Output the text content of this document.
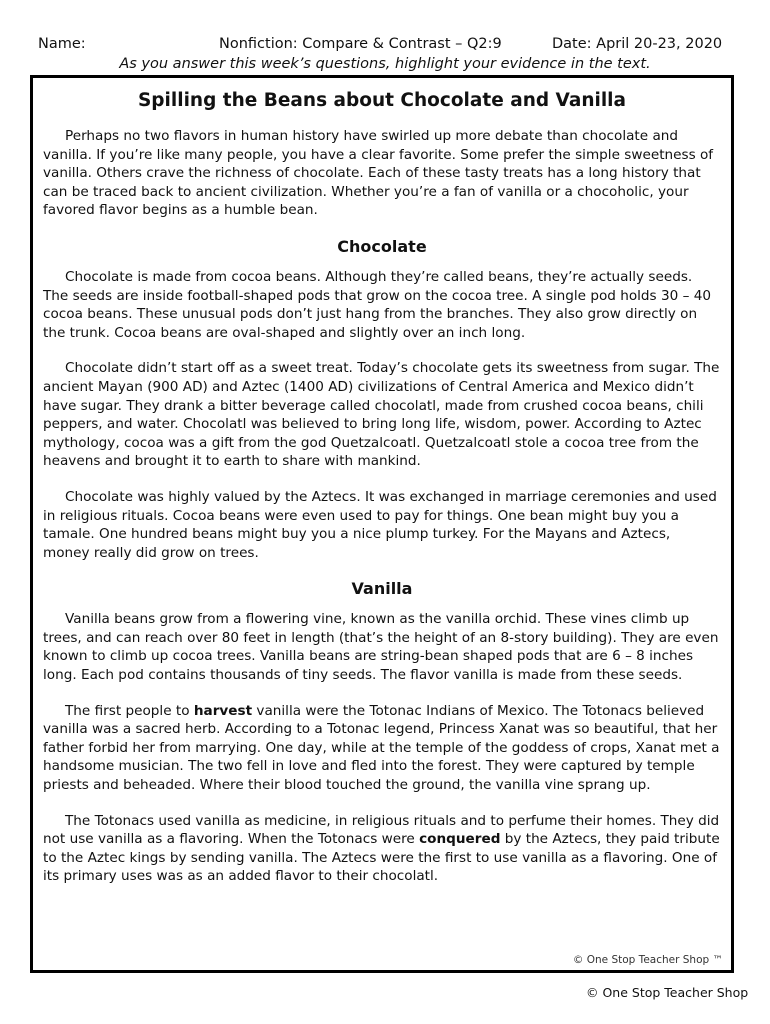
Name:	Nonfiction: Compare & Contrast – Q2:9	Date: April 20-23, 2020
As you answer this week’s questions, highlight your evidence in the text.
Spilling the Beans about Chocolate and Vanilla

Perhaps no two flavors in human history have swirled up more debate than chocolate and vanilla. If you’re like many people, you have a clear favorite. Some prefer the simple sweetness of vanilla. Others crave the richness of chocolate. Each of these tasty treats has a long history that can be traced back to ancient civilization. Whether you’re a fan of vanilla or a chocoholic, your favored flavor begins as a humble bean.

Chocolate

Chocolate is made from cocoa beans. Although they’re called beans, they’re actually seeds. The seeds are inside football-shaped pods that grow on the cocoa tree. A single pod holds 30 – 40 cocoa beans. These unusual pods don’t just hang from the branches. They also grow directly on the trunk. Cocoa beans are oval-shaped and slightly over an inch long.

Chocolate didn’t start off as a sweet treat. Today’s chocolate gets its sweetness from sugar. The ancient Mayan (900 AD) and Aztec (1400 AD) civilizations of Central America and Mexico didn’t have sugar. They drank a bitter beverage called chocolatl, made from crushed cocoa beans, chili peppers, and water. Chocolatl was believed to bring long life, wisdom, power. According to Aztec mythology, cocoa was a gift from the god Quetzalcoatl. Quetzalcoatl stole a cocoa tree from the heavens and brought it to earth to share with mankind.

Chocolate was highly valued by the Aztecs. It was exchanged in marriage ceremonies and used in religious rituals. Cocoa beans were even used to pay for things. One bean might buy you a tamale. One hundred beans might buy you a nice plump turkey. For the Mayans and Aztecs, money really did grow on trees.

Vanilla

Vanilla beans grow from a flowering vine, known as the vanilla orchid. These vines climb up trees, and can reach over 80 feet in length (that’s the height of an 8-story building). They are even known to climb up cocoa trees. Vanilla beans are string-bean shaped pods that are 6 – 8 inches long. Each pod contains thousands of tiny seeds. The flavor vanilla is made from these seeds.

The first people to harvest vanilla were the Totonac Indians of Mexico. The Totonacs believed vanilla was a sacred herb. According to a Totonac legend, Princess Xanat was so beautiful, that her father forbid her from marrying. One day, while at the temple of the goddess of crops, Xanat met a handsome musician. The two fell in love and fled into the forest. They were captured by temple priests and beheaded. Where their blood touched the ground, the vanilla vine sprang up.

The Totonacs used vanilla as medicine, in religious rituals and to perfume their homes. They did not use vanilla as a flavoring. When the Totonacs were conquered by the Aztecs, they paid tribute to the Aztec kings by sending vanilla. The Aztecs were the first to use vanilla as a flavoring. One of its primary uses was as an added flavor to their chocolatl.

© One Stop Teacher Shop ™
© One Stop Teacher Shop
